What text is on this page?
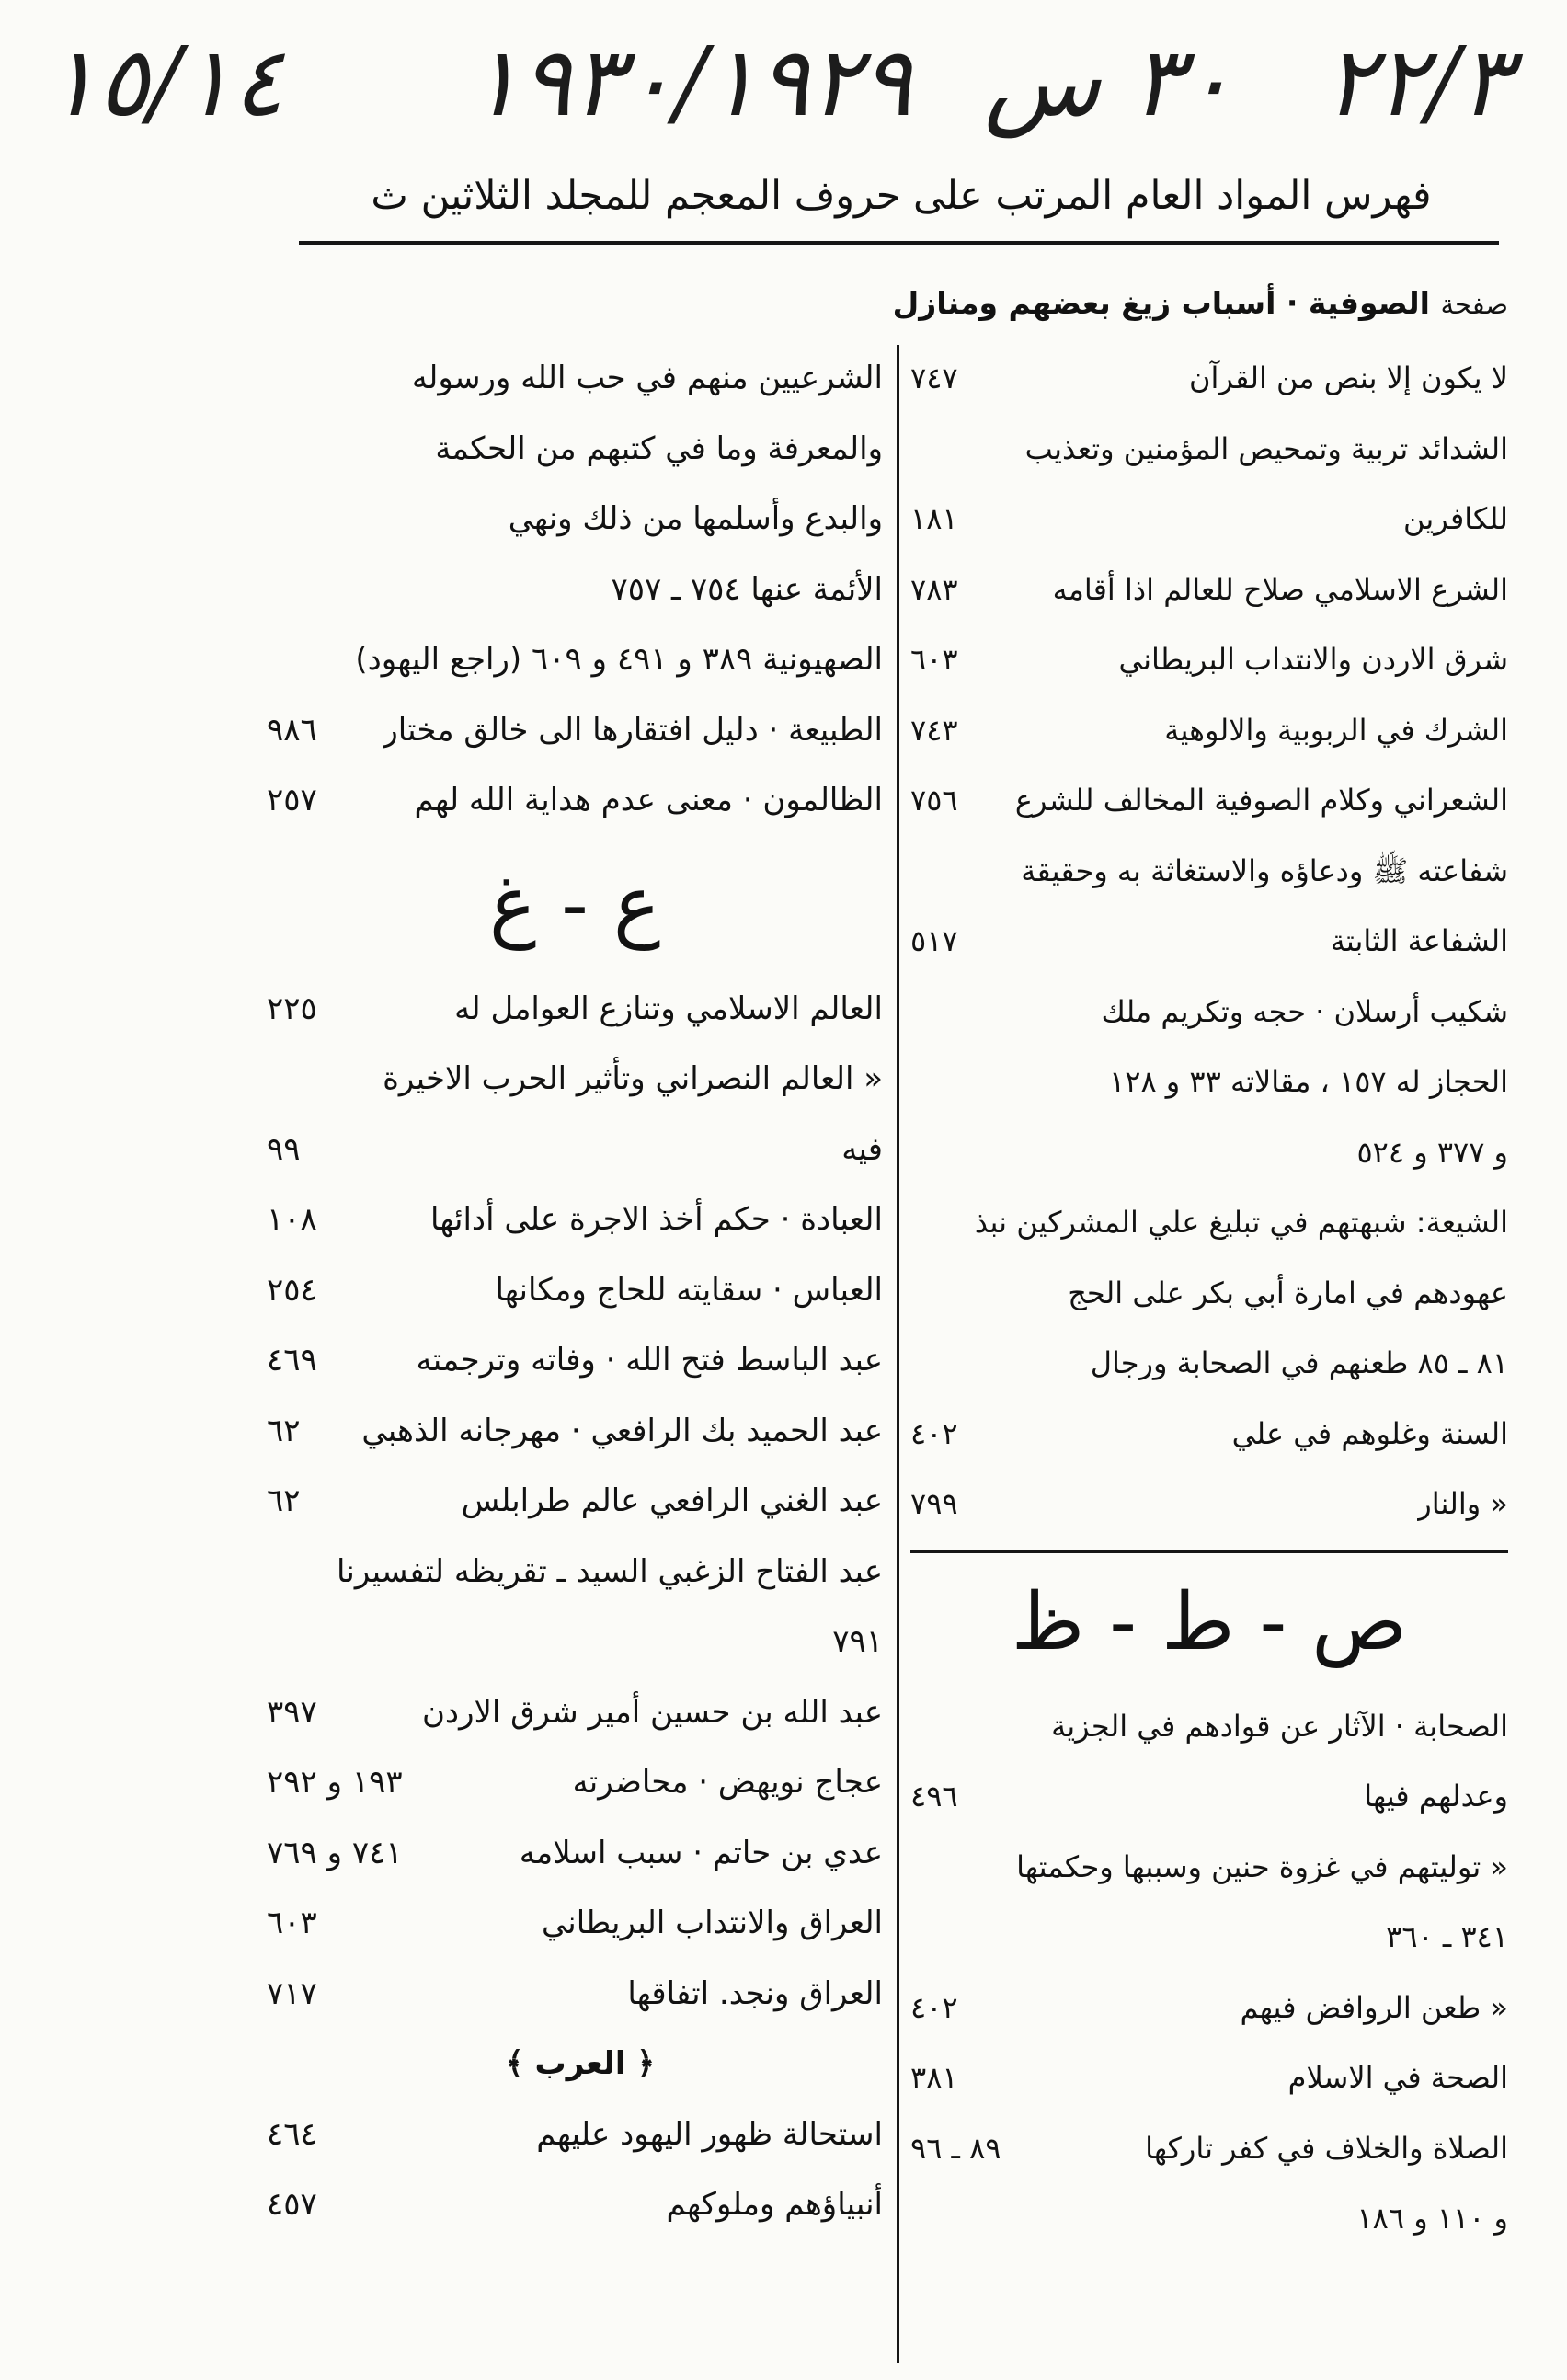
١٥/١٤ ١٩٣٠/١٩٢٩ ٣٠ س ٢٢/٣
فهرس المواد العام المرتب على حروف المعجم للمجلد الثلاثين ث
صفحة الصوفية · أسباب زيغ بعضهم ومنازل
لا يكون إلا بنص من القرآن
٧٤٧
الشدائد تربية وتمحيص المؤمنين وتعذيب
للكافرين
١٨١
الشرع الاسلامي صلاح للعالم اذا أقامه
٧٨٣
شرق الاردن والانتداب البريطاني
٦٠٣
الشرك في الربوبية والالوهية
٧٤٣
الشعراني وكلام الصوفية المخالف للشرع
٧٥٦
شفاعته ﷺ ودعاؤه والاستغاثة به وحقيقة
الشفاعة الثابتة
٥١٧
شكيب أرسلان · حجه وتكريم ملك
الحجاز له ١٥٧ ، مقالاته ٣٣ و ١٢٨
و ٣٧٧ و ٥٢٤
الشيعة: شبهتهم في تبليغ علي المشركين نبذ
عهودهم في امارة أبي بكر على الحج
٨١ ـ ٨٥ طعنهم في الصحابة ورجال
السنة وغلوهم في علي
٤٠٢
« والنار
٧٩٩
ص - ط - ظ
الصحابة · الآثار عن قوادهم في الجزية
وعدلهم فيها
٤٩٦
« توليتهم في غزوة حنين وسببها وحكمتها
٣٤١ ـ ٣٦٠
« طعن الروافض فيهم
٤٠٢
الصحة في الاسلام
٣٨١
الصلاة والخلاف في كفر تاركها
٨٩ ـ ٩٦
و ١١٠ و ١٨٦
الشرعيين منهم في حب الله ورسوله
والمعرفة وما في كتبهم من الحكمة
والبدع وأسلمها من ذلك ونهي
الأئمة عنها ٧٥٤ ـ ٧٥٧
الصهيونية ٣٨٩ و ٤٩١ و ٦٠٩ (راجع اليهود)
الطبيعة · دليل افتقارها الى خالق مختار
٩٨٦
الظالمون · معنى عدم هداية الله لهم
٢٥٧
ع - غ
العالم الاسلامي وتنازع العوامل له
٢٢٥
« العالم النصراني وتأثير الحرب الاخيرة
فيه
٩٩
العبادة · حكم أخذ الاجرة على أدائها
١٠٨
العباس · سقايته للحاج ومكانها
٢٥٤
عبد الباسط فتح الله · وفاته وترجمته
٤٦٩
عبد الحميد بك الرافعي · مهرجانه الذهبي
٦٢
عبد الغني الرافعي عالم طرابلس
٦٢
عبد الفتاح الزغبي السيد ـ تقريظه لتفسيرنا
٧٩١
عبد الله بن حسين أمير شرق الاردن
٣٩٧
عجاج نويهض · محاضرته
١٩٣ و ٢٩٢
عدي بن حاتم · سبب اسلامه
٧٤١ و ٧٦٩
العراق والانتداب البريطاني
٦٠٣
العراق ونجد. اتفاقها
٧١٧
﴿ العرب ﴾
استحالة ظهور اليهود عليهم
٤٦٤
أنبياؤهم وملوكهم
٤٥٧
